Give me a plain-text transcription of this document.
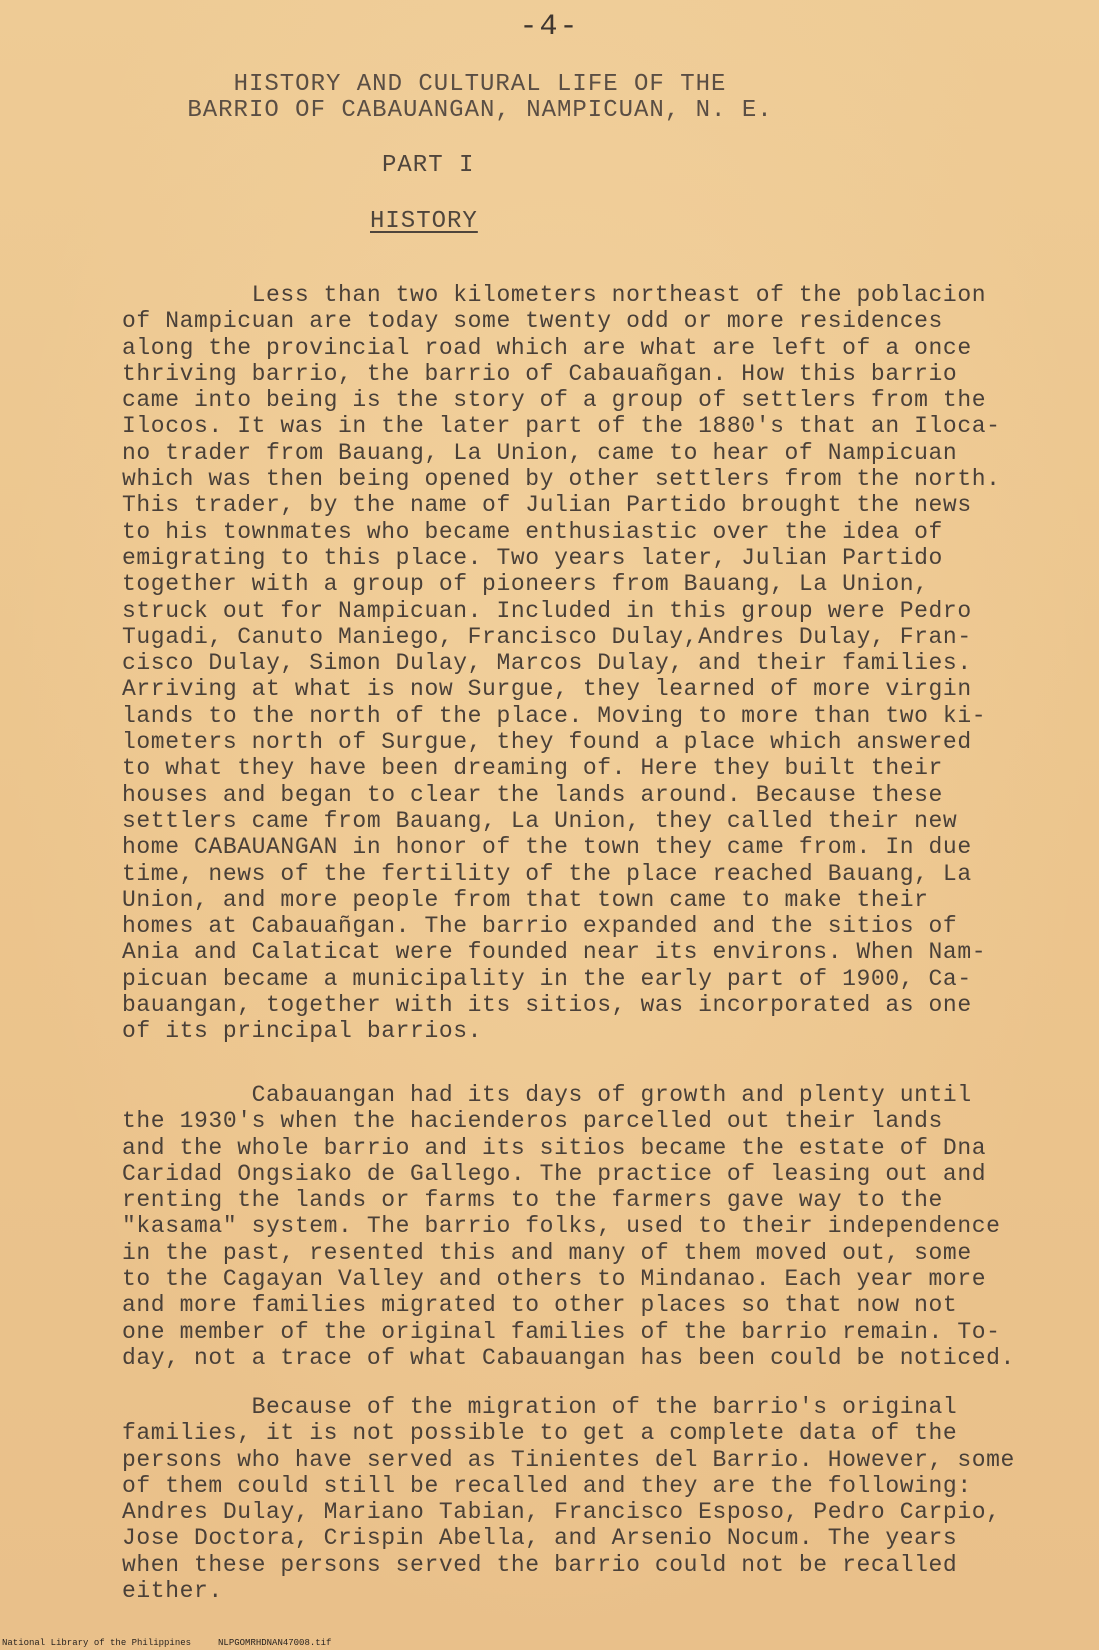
-4-
HISTORY AND CULTURAL LIFE OF THE
BARRIO OF CABAUANGAN, NAMPICUAN, N. E.
PART I
HISTORY
Less than two kilometers northeast of the poblacion
of Nampicuan are today some twenty odd or more residences
along the provincial road which are what are left of a once
thriving barrio, the barrio of Cabauañgan. How this barrio
came into being is the story of a group of settlers from the
Ilocos. It was in the later part of the 1880's that an Iloca-
no trader from Bauang, La Union, came to hear of Nampicuan
which was then being opened by other settlers from the north.
This trader, by the name of Julian Partido brought the news
to his townmates who became enthusiastic over the idea of
emigrating to this place. Two years later, Julian Partido
together with a group of pioneers from Bauang, La Union,
struck out for Nampicuan. Included in this group were Pedro
Tugadi, Canuto Maniego, Francisco Dulay,Andres Dulay, Fran-
cisco Dulay, Simon Dulay, Marcos Dulay, and their families.
Arriving at what is now Surgue, they learned of more virgin
lands to the north of the place. Moving to more than two ki-
lometers north of Surgue, they found a place which answered
to what they have been dreaming of. Here they built their
houses and began to clear the lands around. Because these
settlers came from Bauang, La Union, they called their new
home CABAUANGAN in honor of the town they came from. In due
time, news of the fertility of the place reached Bauang, La
Union, and more people from that town came to make their
homes at Cabauañgan. The barrio expanded and the sitios of
Ania and Calaticat were founded near its environs. When Nam-
picuan became a municipality in the early part of 1900, Ca-
bauangan, together with its sitios, was incorporated as one
of its principal barrios.
Cabauangan had its days of growth and plenty until
the 1930's when the hacienderos parcelled out their lands
and the whole barrio and its sitios became the estate of Dna
Caridad Ongsiako de Gallego. The practice of leasing out and
renting the lands or farms to the farmers gave way to the
"kasama" system. The barrio folks, used to their independence
in the past, resented this and many of them moved out, some
to the Cagayan Valley and others to Mindanao. Each year more
and more families migrated to other places so that now not
one member of the original families of the barrio remain. To-
day, not a trace of what Cabauangan has been could be noticed.
Because of the migration of the barrio's original
families, it is not possible to get a complete data of the
persons who have served as Tinientes del Barrio. However, some
of them could still be recalled and they are the following:
Andres Dulay, Mariano Tabian, Francisco Esposo, Pedro Carpio,
Jose Doctora, Crispin Abella, and Arsenio Nocum. The years
when these persons served the barrio could not be recalled
either.
National Library of the Philippines     NLPGOMRHDNAN47008.tif
